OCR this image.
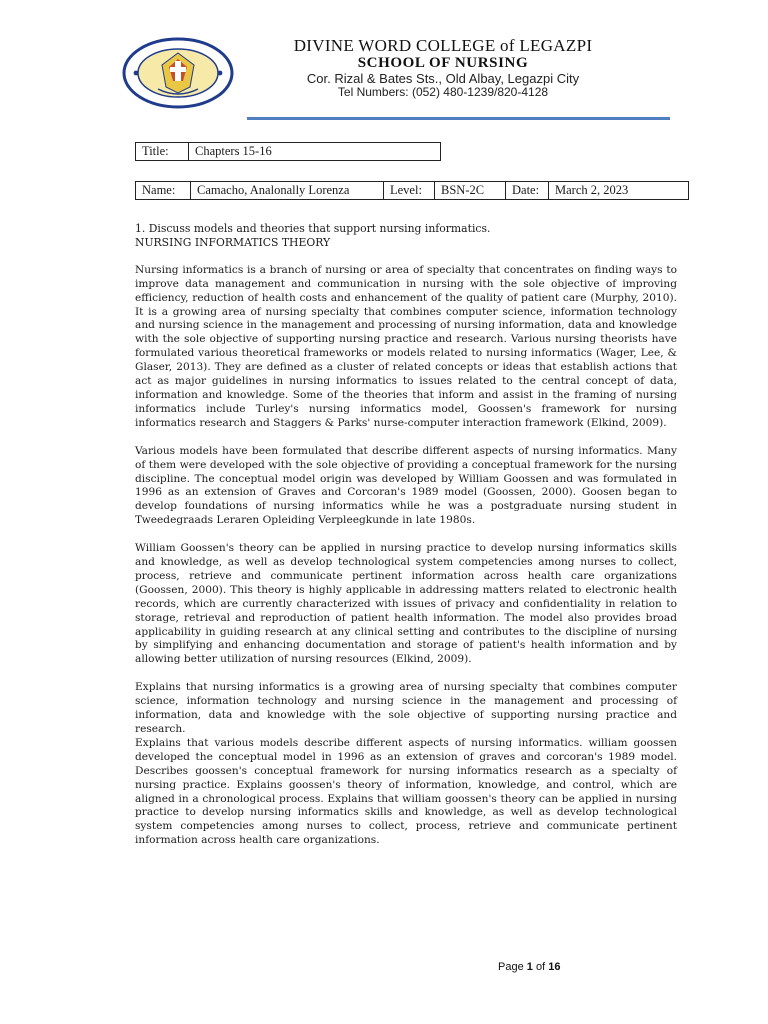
DIVINE WORD COLLEGE of LEGAZPI
SCHOOL OF NURSING
Cor. Rizal & Bates Sts., Old Albay, Legazpi City
Tel Numbers: (052) 480-1239/820-4128
Title:	Chapters 15-16
Name:	Camacho, Analonally Lorenza	Level:	BSN-2C	Date:	March 2, 2023

1. Discuss models and theories that support nursing informatics.

NURSING INFORMATICS THEORY

Nursing informatics is a branch of nursing or area of specialty that concentrates on finding ways to improve data management and communication in nursing with the sole objective of improving efficiency, reduction of health costs and enhancement of the quality of patient care (Murphy, 2010). It is a growing area of nursing specialty that combines computer science, information technology and nursing science in the management and processing of nursing information, data and knowledge with the sole objective of supporting nursing practice and research. Various nursing theorists have formulated various theoretical frameworks or models related to nursing informatics (Wager, Lee, & Glaser, 2013). They are defined as a cluster of related concepts or ideas that establish actions that act as major guidelines in nursing informatics to issues related to the central concept of data, information and knowledge. Some of the theories that inform and assist in the framing of nursing informatics include Turley's nursing informatics model, Goossen's framework for nursing informatics research and Staggers & Parks' nurse-computer interaction framework (Elkind, 2009).

Various models have been formulated that describe different aspects of nursing informatics. Many of them were developed with the sole objective of providing a conceptual framework for the nursing discipline. The conceptual model origin was developed by William Goossen and was formulated in 1996 as an extension of Graves and Corcoran's 1989 model (Goossen, 2000). Goosen began to develop foundations of nursing informatics while he was a postgraduate nursing student in Tweedegraads Leraren Opleiding Verpleegkunde in late 1980s.

William Goossen's theory can be applied in nursing practice to develop nursing informatics skills and knowledge, as well as develop technological system competencies among nurses to collect, process, retrieve and communicate pertinent information across health care organizations (Goossen, 2000). This theory is highly applicable in addressing matters related to electronic health records, which are currently characterized with issues of privacy and confidentiality in relation to storage, retrieval and reproduction of patient health information. The model also provides broad applicability in guiding research at any clinical setting and contributes to the discipline of nursing by simplifying and enhancing documentation and storage of patient's health information and by allowing better utilization of nursing resources (Elkind, 2009).

Explains that nursing informatics is a growing area of nursing specialty that combines computer science, information technology and nursing science in the management and processing of information, data and knowledge with the sole objective of supporting nursing practice and research.

Explains that various models describe different aspects of nursing informatics. william goossen developed the conceptual model in 1996 as an extension of graves and corcoran's 1989 model. Describes goossen's conceptual framework for nursing informatics research as a specialty of nursing practice. Explains goossen's theory of information, knowledge, and control, which are aligned in a chronological process. Explains that william goossen's theory can be applied in nursing practice to develop nursing informatics skills and knowledge, as well as develop technological system competencies among nurses to collect, process, retrieve and communicate pertinent information across health care organizations.

Page 1 of 16
